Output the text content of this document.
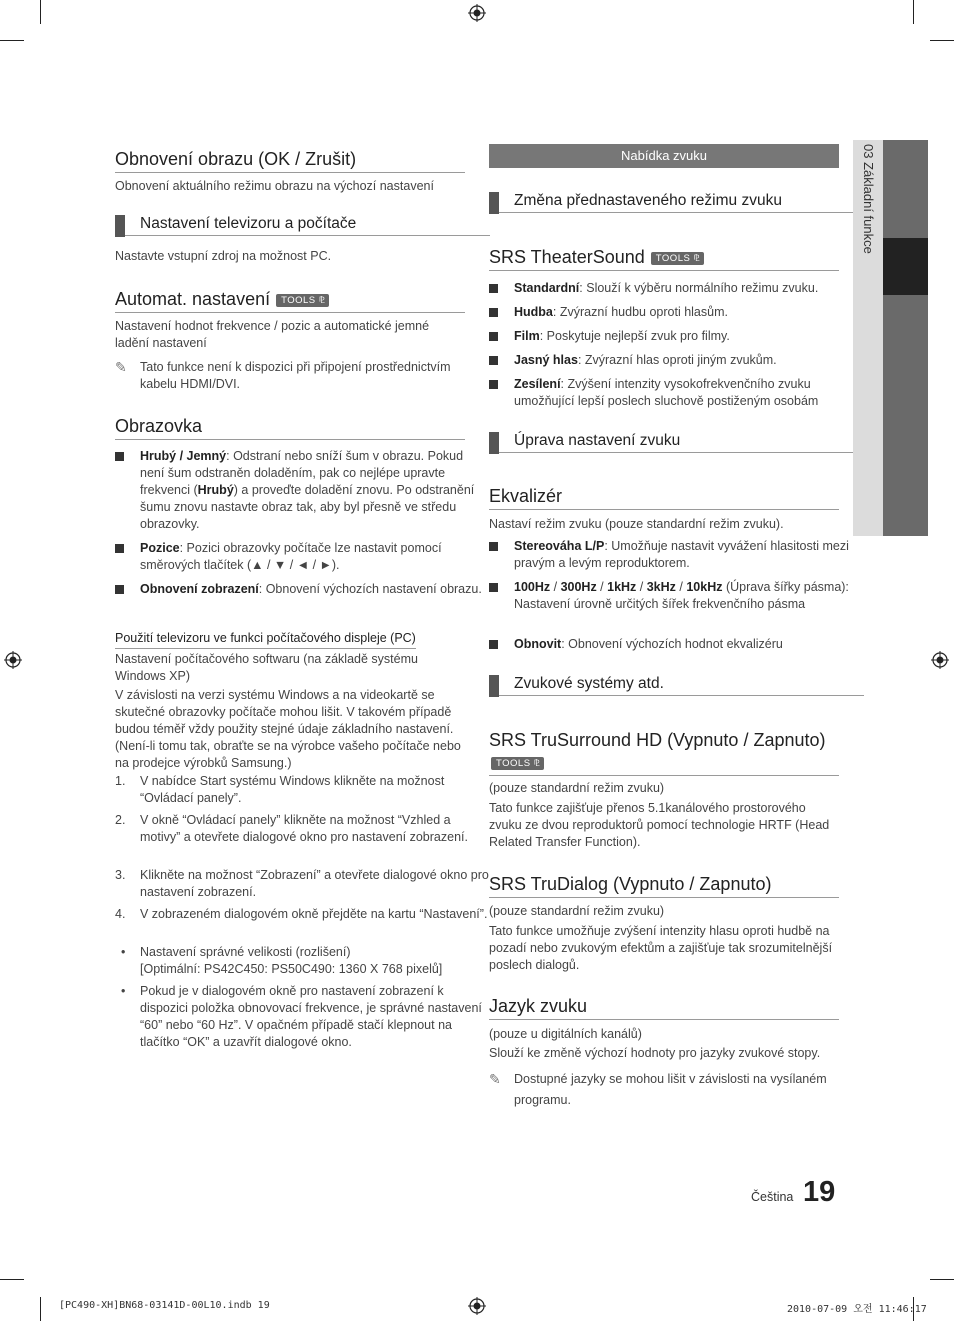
Obnovení obrazu (OK / Zrušit)
Obnovení aktuálního režimu obrazu na výchozí nastavení
Nastavení televizoru a počítače
Nastavte vstupní zdroj na možnost PC.
Automat. nastavení TOOLS ⅊
Nastavení hodnot frekvence / pozic a automatické jemné ladění nastavení
✎ Tato funkce není k dispozici při připojení prostřednictvím kabelu HDMI/DVI.
Obrazovka
Hrubý / Jemný: Odstraní nebo sníží šum v obrazu. Pokud není šum odstraněn doladěním, pak co nejlépe upravte frekvenci (Hrubý) a proveďte doladění znovu. Po odstranění šumu znovu nastavte obraz tak, aby byl přesně ve středu obrazovky.
Pozice: Pozici obrazovky počítače lze nastavit pomocí směrových tlačítek (▲ / ▼ / ◄ / ►).
Obnovení zobrazení: Obnovení výchozích nastavení obrazu.
Použití televizoru ve funkci počítačového displeje (PC)
Nastavení počítačového softwaru (na základě systému Windows XP)
V závislosti na verzi systému Windows a na videokartě se skutečné obrazovky počítače mohou lišit. V takovém případě budou téměř vždy použity stejné údaje základního nastavení. (Není-li tomu tak, obraťte se na výrobce vašeho počítače nebo na prodejce výrobků Samsung.)
1. V nabídce Start systému Windows klikněte na možnost “Ovládací panely”.
2. V okně “Ovládací panely” klikněte na možnost “Vzhled a motivy” a otevřete dialogové okno pro nastavení zobrazení.
3. Klikněte na možnost “Zobrazení” a otevřete dialogové okno pro nastavení zobrazení.
4. V zobrazeném dialogovém okně přejděte na kartu “Nastavení”.
• Nastavení správné velikosti (rozlišení)
[Optimální: PS42C450: PS50C490: 1360 X 768 pixelů]
• Pokud je v dialogovém okně pro nastavení zobrazení k dispozici položka obnovovací frekvence, je správné nastavení “60” nebo “60 Hz”. V opačném případě stačí klepnout na tlačítko “OK” a uzavřít dialogové okno.
Nabídka zvuku
Změna přednastaveného režimu zvuku
SRS TheaterSound TOOLS ⅊
Standardní: Slouží k výběru normálního režimu zvuku.
Hudba: Zvýrazní hudbu oproti hlasům.
Film: Poskytuje nejlepší zvuk pro filmy.
Jasný hlas: Zvýrazní hlas oproti jiným zvukům.
Zesílení: Zvýšení intenzity vysokofrekvenčního zvuku umožňující lepší poslech sluchově postiženým osobám
Úprava nastavení zvuku
Ekvalizér
Nastaví režim zvuku (pouze standardní režim zvuku).
Stereováha L/P: Umožňuje nastavit vyvážení hlasitosti mezi pravým a levým reproduktorem.
100Hz / 300Hz / 1kHz / 3kHz / 10kHz (Úprava šířky pásma): Nastavení úrovně určitých šířek frekvenčního pásma
Obnovit: Obnovení výchozích hodnot ekvalizéru
Zvukové systémy atd.
SRS TruSurround HD (Vypnuto / Zapnuto)
TOOLS ⅊
(pouze standardní režim zvuku)
Tato funkce zajišťuje přenos 5.1kanálového prostorového zvuku ze dvou reproduktorů pomocí technologie HRTF (Head Related Transfer Function).
SRS TruDialog (Vypnuto / Zapnuto)
(pouze standardní režim zvuku)
Tato funkce umožňuje zvýšení intenzity hlasu oproti hudbě na pozadí nebo zvukovým efektům a zajišťuje tak srozumitelnější poslech dialogů.
Jazyk zvuku
(pouze u digitálních kanálů)
Slouží ke změně výchozí hodnoty pro jazyky zvukové stopy.
✎ Dostupné jazyky se mohou lišit v závislosti na vysílaném programu.
03 Základní funkce
Čeština 19
[PC490-XH]BN68-03141D-00L10.indb 19	2010-07-09 오전 11:46:17
